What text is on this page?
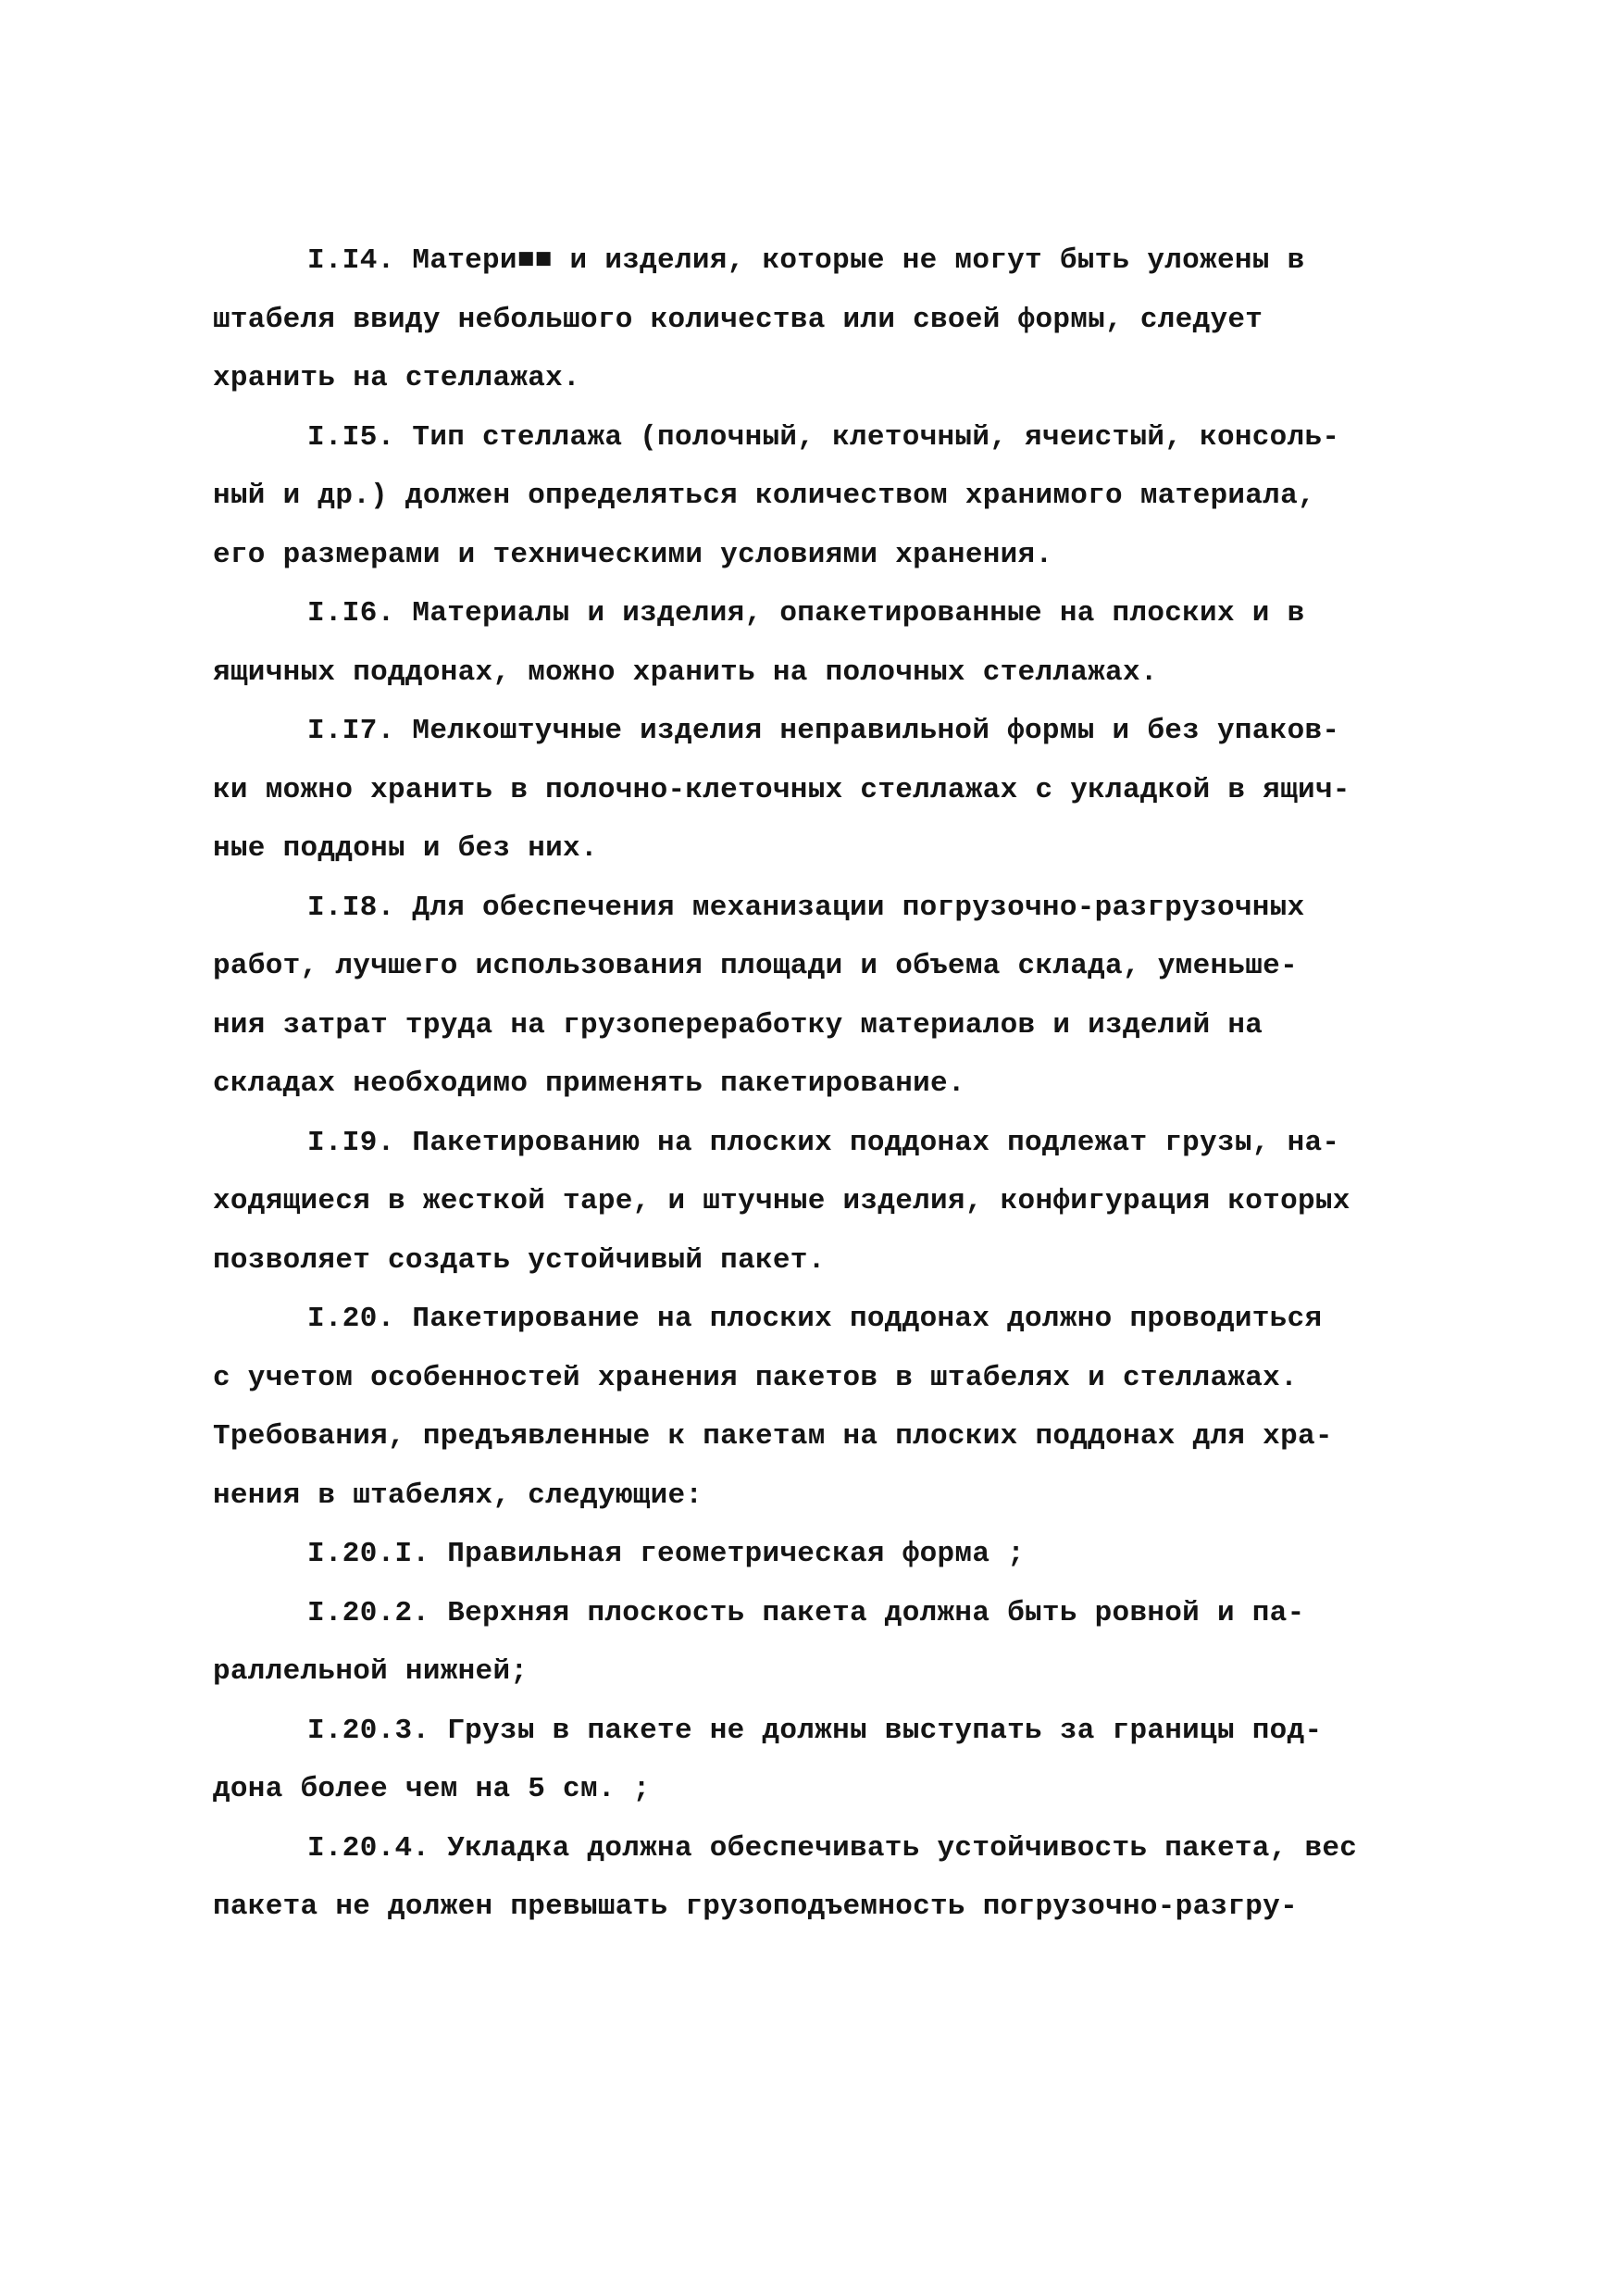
I.I4. Матери■■ и изделия, которые не могут быть уложены в
штабеля ввиду небольшого количества или своей формы, следует
хранить на стеллажах.
I.I5. Тип стеллажа (полочный, клеточный, ячеистый, консоль-
ный и др.) должен определяться количеством хранимого материала,
его размерами и техническими условиями хранения.
I.I6. Материалы и изделия, опакетированные на плоских и в
ящичных поддонах, можно хранить на полочных стеллажах.
I.I7. Мелкоштучные изделия неправильной формы и без упаков-
ки можно хранить в полочно-клеточных стеллажах с укладкой в ящич-
ные поддоны и без них.
I.I8. Для обеспечения механизации погрузочно-разгрузочных
работ, лучшего использования площади и объема склада, уменьше-
ния затрат труда на грузопереработку материалов и изделий на
складах необходимо применять пакетирование.
I.I9. Пакетированию на плоских поддонах подлежат грузы, на-
ходящиеся в жесткой таре, и штучные изделия, конфигурация которых
позволяет создать устойчивый пакет.
I.20. Пакетирование на плоских поддонах должно проводиться
с учетом особенностей хранения пакетов в штабелях и стеллажах.
Требования, предъявленные к пакетам на плоских поддонах для хра-
нения в штабелях, следующие:
I.20.I. Правильная геометрическая форма ;
I.20.2. Верхняя плоскость пакета должна быть ровной и па-
раллельной нижней;
I.20.3. Грузы в пакете не должны выступать за границы под-
дона более чем на 5 см. ;
I.20.4. Укладка должна обеспечивать устойчивость пакета, вес
пакета не должен превышать грузоподъемность погрузочно-разгру-
